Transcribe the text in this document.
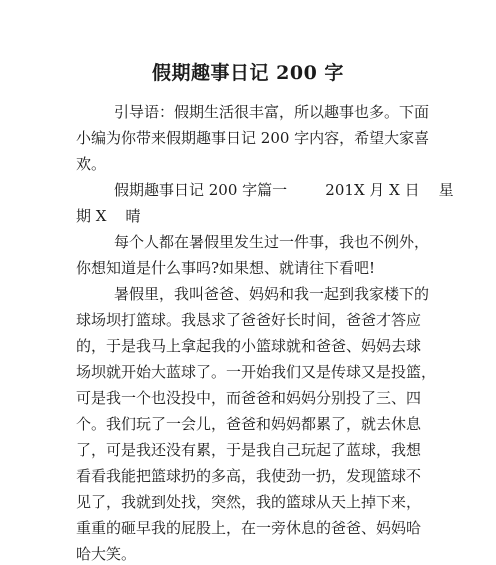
假期趣事日记 200 字
引导语：假期生活很丰富，所以趣事也多。下面
小编为你带来假期趣事日记 200 字内容，希望大家喜
欢。
假期趣事日记 200 字篇一        201X 月 X 日    星
期 X    晴
每个人都在暑假里发生过一件事，我也不例外，
你想知道是什么事吗?如果想、就请往下看吧!
暑假里，我叫爸爸、妈妈和我一起到我家楼下的
球场坝打篮球。我恳求了爸爸好长时间，爸爸才答应
的，于是我马上拿起我的小篮球就和爸爸、妈妈去球
场坝就开始大蓝球了。一开始我们又是传球又是投篮，
可是我一个也没投中，而爸爸和妈妈分别投了三、四
个。我们玩了一会儿，爸爸和妈妈都累了，就去休息
了，可是我还没有累，于是我自己玩起了蓝球，我想
看看我能把篮球扔的多高，我使劲一扔，发现篮球不
见了，我就到处找，突然，我的篮球从天上掉下来，
重重的砸早我的屁股上，在一旁休息的爸爸、妈妈哈
哈大笑。
